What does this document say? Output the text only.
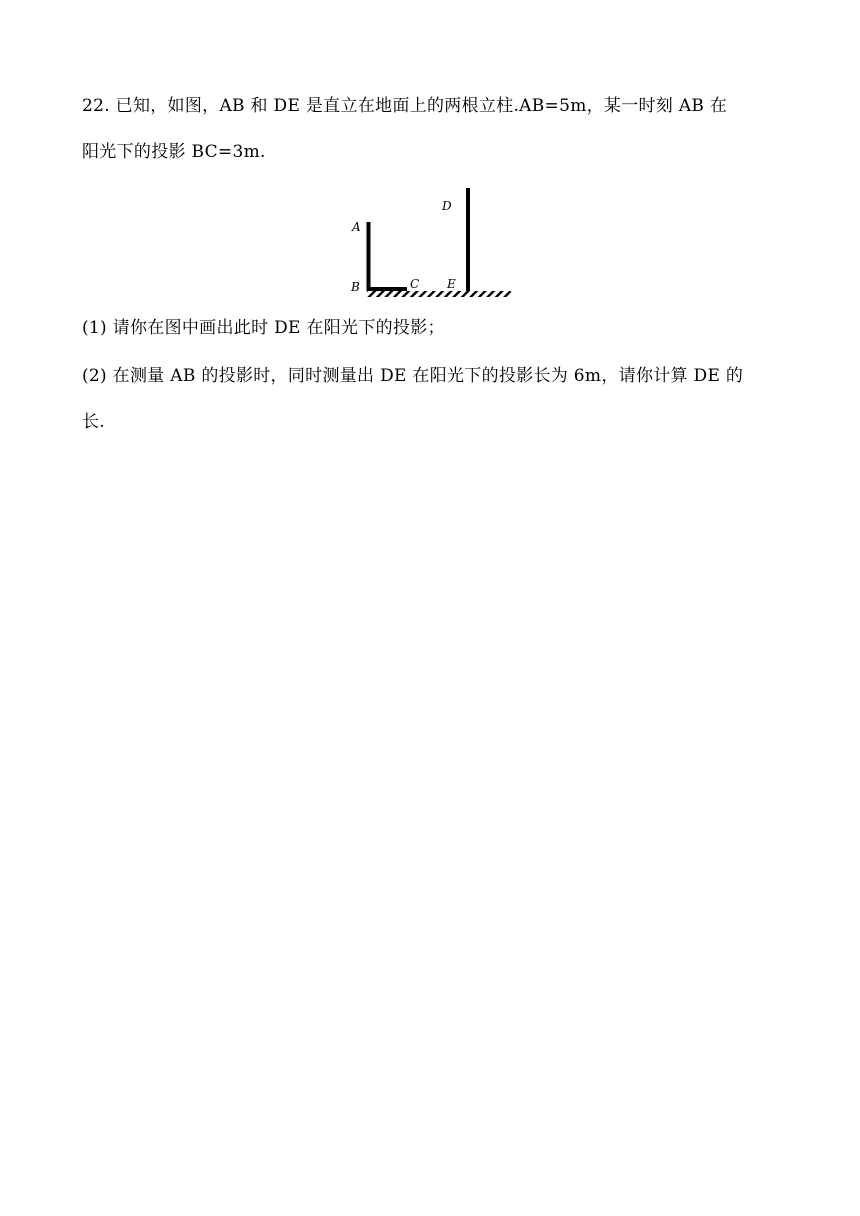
22. 已知，如图，AB 和 DE 是直立在地面上的两根立柱.AB=5m，某一时刻 AB 在
阳光下的投影 BC=3m.
A
B	C
D
E
(1) 请你在图中画出此时 DE 在阳光下的投影；
(2) 在测量 AB 的投影时，同时测量出 DE 在阳光下的投影长为 6m，请你计算 DE 的
长.
